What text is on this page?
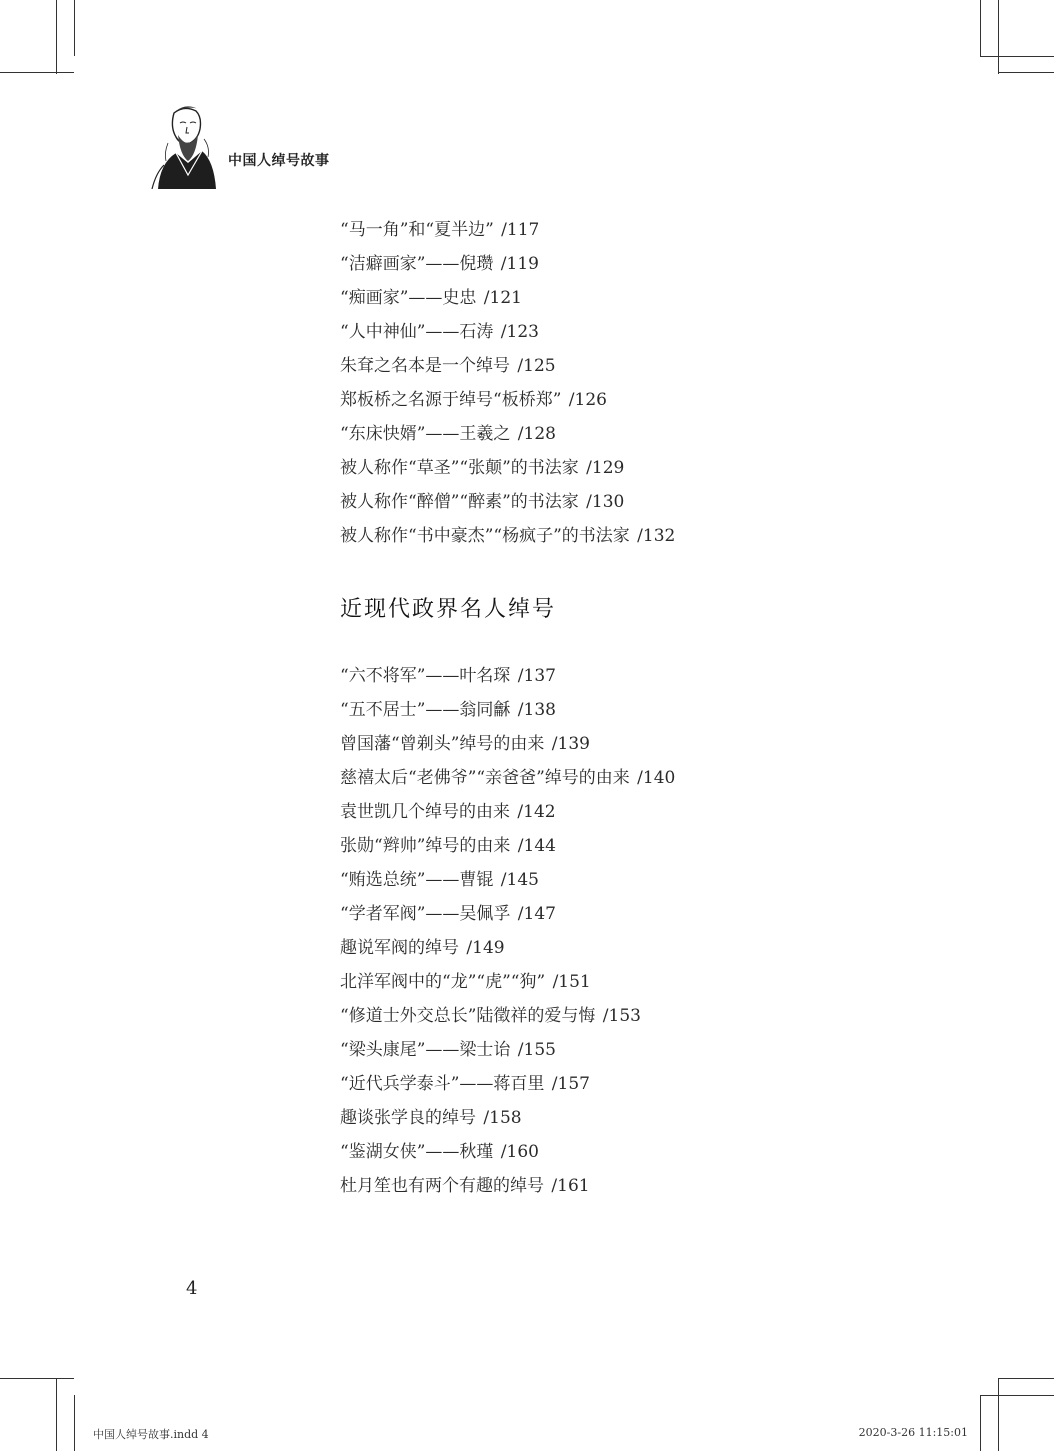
中国人绰号故事
“马一角”和“夏半边” /117
“洁癖画家”——倪瓒 /119
“痴画家”——史忠 /121
“人中神仙”——石涛 /123
朱耷之名本是一个绰号 /125
郑板桥之名源于绰号“板桥郑” /126
“东床快婿”——王羲之 /128
被人称作“草圣”“张颠”的书法家 /129
被人称作“醉僧”“醉素”的书法家 /130
被人称作“书中豪杰”“杨疯子”的书法家 /132
近现代政界名人绰号
“六不将军”——叶名琛 /137
“五不居士”——翁同龢 /138
曾国藩“曾剃头”绰号的由来 /139
慈禧太后“老佛爷”“亲爸爸”绰号的由来 /140
袁世凯几个绰号的由来 /142
张勋“辫帅”绰号的由来 /144
“贿选总统”——曹锟 /145
“学者军阀”——吴佩孚 /147
趣说军阀的绰号 /149
北洋军阀中的“龙”“虎”“狗” /151
“修道士外交总长”陆徵祥的爱与悔 /153
“梁头康尾”——梁士诒 /155
“近代兵学泰斗”——蒋百里 /157
趣谈张学良的绰号 /158
“鉴湖女侠”——秋瑾 /160
杜月笙也有两个有趣的绰号 /161
4
中国人绰号故事.indd 4	2020-3-26 11:15:01
